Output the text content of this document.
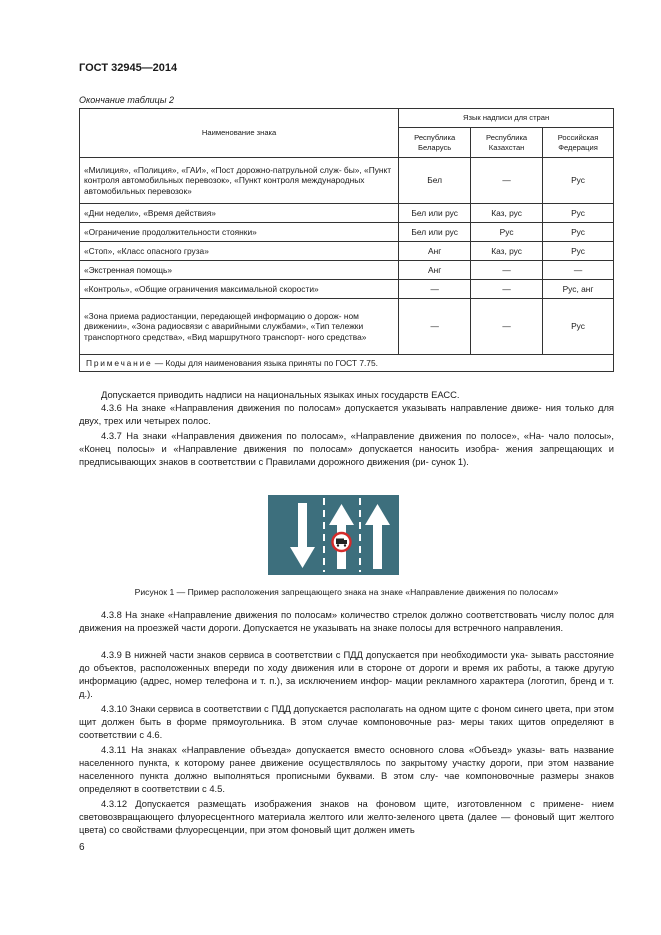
ГОСТ 32945—2014
Окончание таблицы 2
Наименование знака	Язык надписи для стран		
	Республика Беларусь	Республика Казахстан	Российская Федерация
«Милиция», «Полиция», «ГАИ», «Пост дорожно-патрульной служ- бы», «Пункт контроля автомобильных перевозок», «Пункт контроля международных автомобильных перевозок»	Бел	—	Рус
«Дни недели», «Время действия»	Бел или рус	Каз, рус	Рус
«Ограничение продолжительности стоянки»	Бел или рус	Рус	Рус
«Стоп», «Класс опасного груза»	Анг	Каз, рус	Рус
«Экстренная помощь»	Анг	—	—
«Контроль», «Общие ограничения максимальной скорости»	—	—	Рус, анг
«Зона приема радиостанции, передающей информацию о дорож- ном движении», «Зона радиосвязи с аварийными службами», «Тип тележки транспортного средства», «Вид маршрутного транспорт- ного средства»	—	—	Рус
Примечание — Коды для наименования языка приняты по ГОСТ 7.75.			
Допускается приводить надписи на национальных языках иных государств ЕАСС.
4.3.6 На знаке «Направления движения по полосам» допускается указывать направление движе- ния только для двух, трех или четырех полос.
4.3.7 На знаки «Направления движения по полосам», «Направление движения по полосе», «На- чало полосы», «Конец полосы» и «Направление движения по полосам» допускается наносить изобра- жения запрещающих и предписывающих знаков в соответствии с Правилами дорожного движения (ри- сунок 1).
Рисунок 1 — Пример расположения запрещающего знака на знаке «Направление движения по полосам»
4.3.8 На знаке «Направление движения по полосам» количество стрелок должно соответствовать числу полос для движения на проезжей части дороги. Допускается не указывать на знаке полосы для встречного направления.
4.3.9 В нижней части знаков сервиса в соответствии с ПДД допускается при необходимости ука- зывать расстояние до объектов, расположенных впереди по ходу движения или в стороне от дороги и время их работы, а также другую информацию (адрес, номер телефона и т. п.), за исключением инфор- мации рекламного характера (логотип, бренд и т. д.).
4.3.10 Знаки сервиса в соответствии с ПДД допускается располагать на одном щите с фоном синего цвета, при этом щит должен быть в форме прямоугольника. В этом случае компоновочные раз- меры таких щитов определяют в соответствии с 4.6.
4.3.11 На знаках «Направление объезда» допускается вместо основного слова «Объезд» указы- вать название населенного пункта, к которому ранее движение осуществлялось по закрытому участку дороги, при этом название населенного пункта должно выполняться прописными буквами. В этом слу- чае компоновочные размеры знаков определяют в соответствии с 4.5.
4.3.12 Допускается размещать изображения знаков на фоновом щите, изготовленном с примене- нием световозвращающего флуоресцентного материала желтого или желто-зеленого цвета (далее — фоновый щит желтого цвета) со свойствами флуоресценции, при этом фоновый щит должен иметь
6
